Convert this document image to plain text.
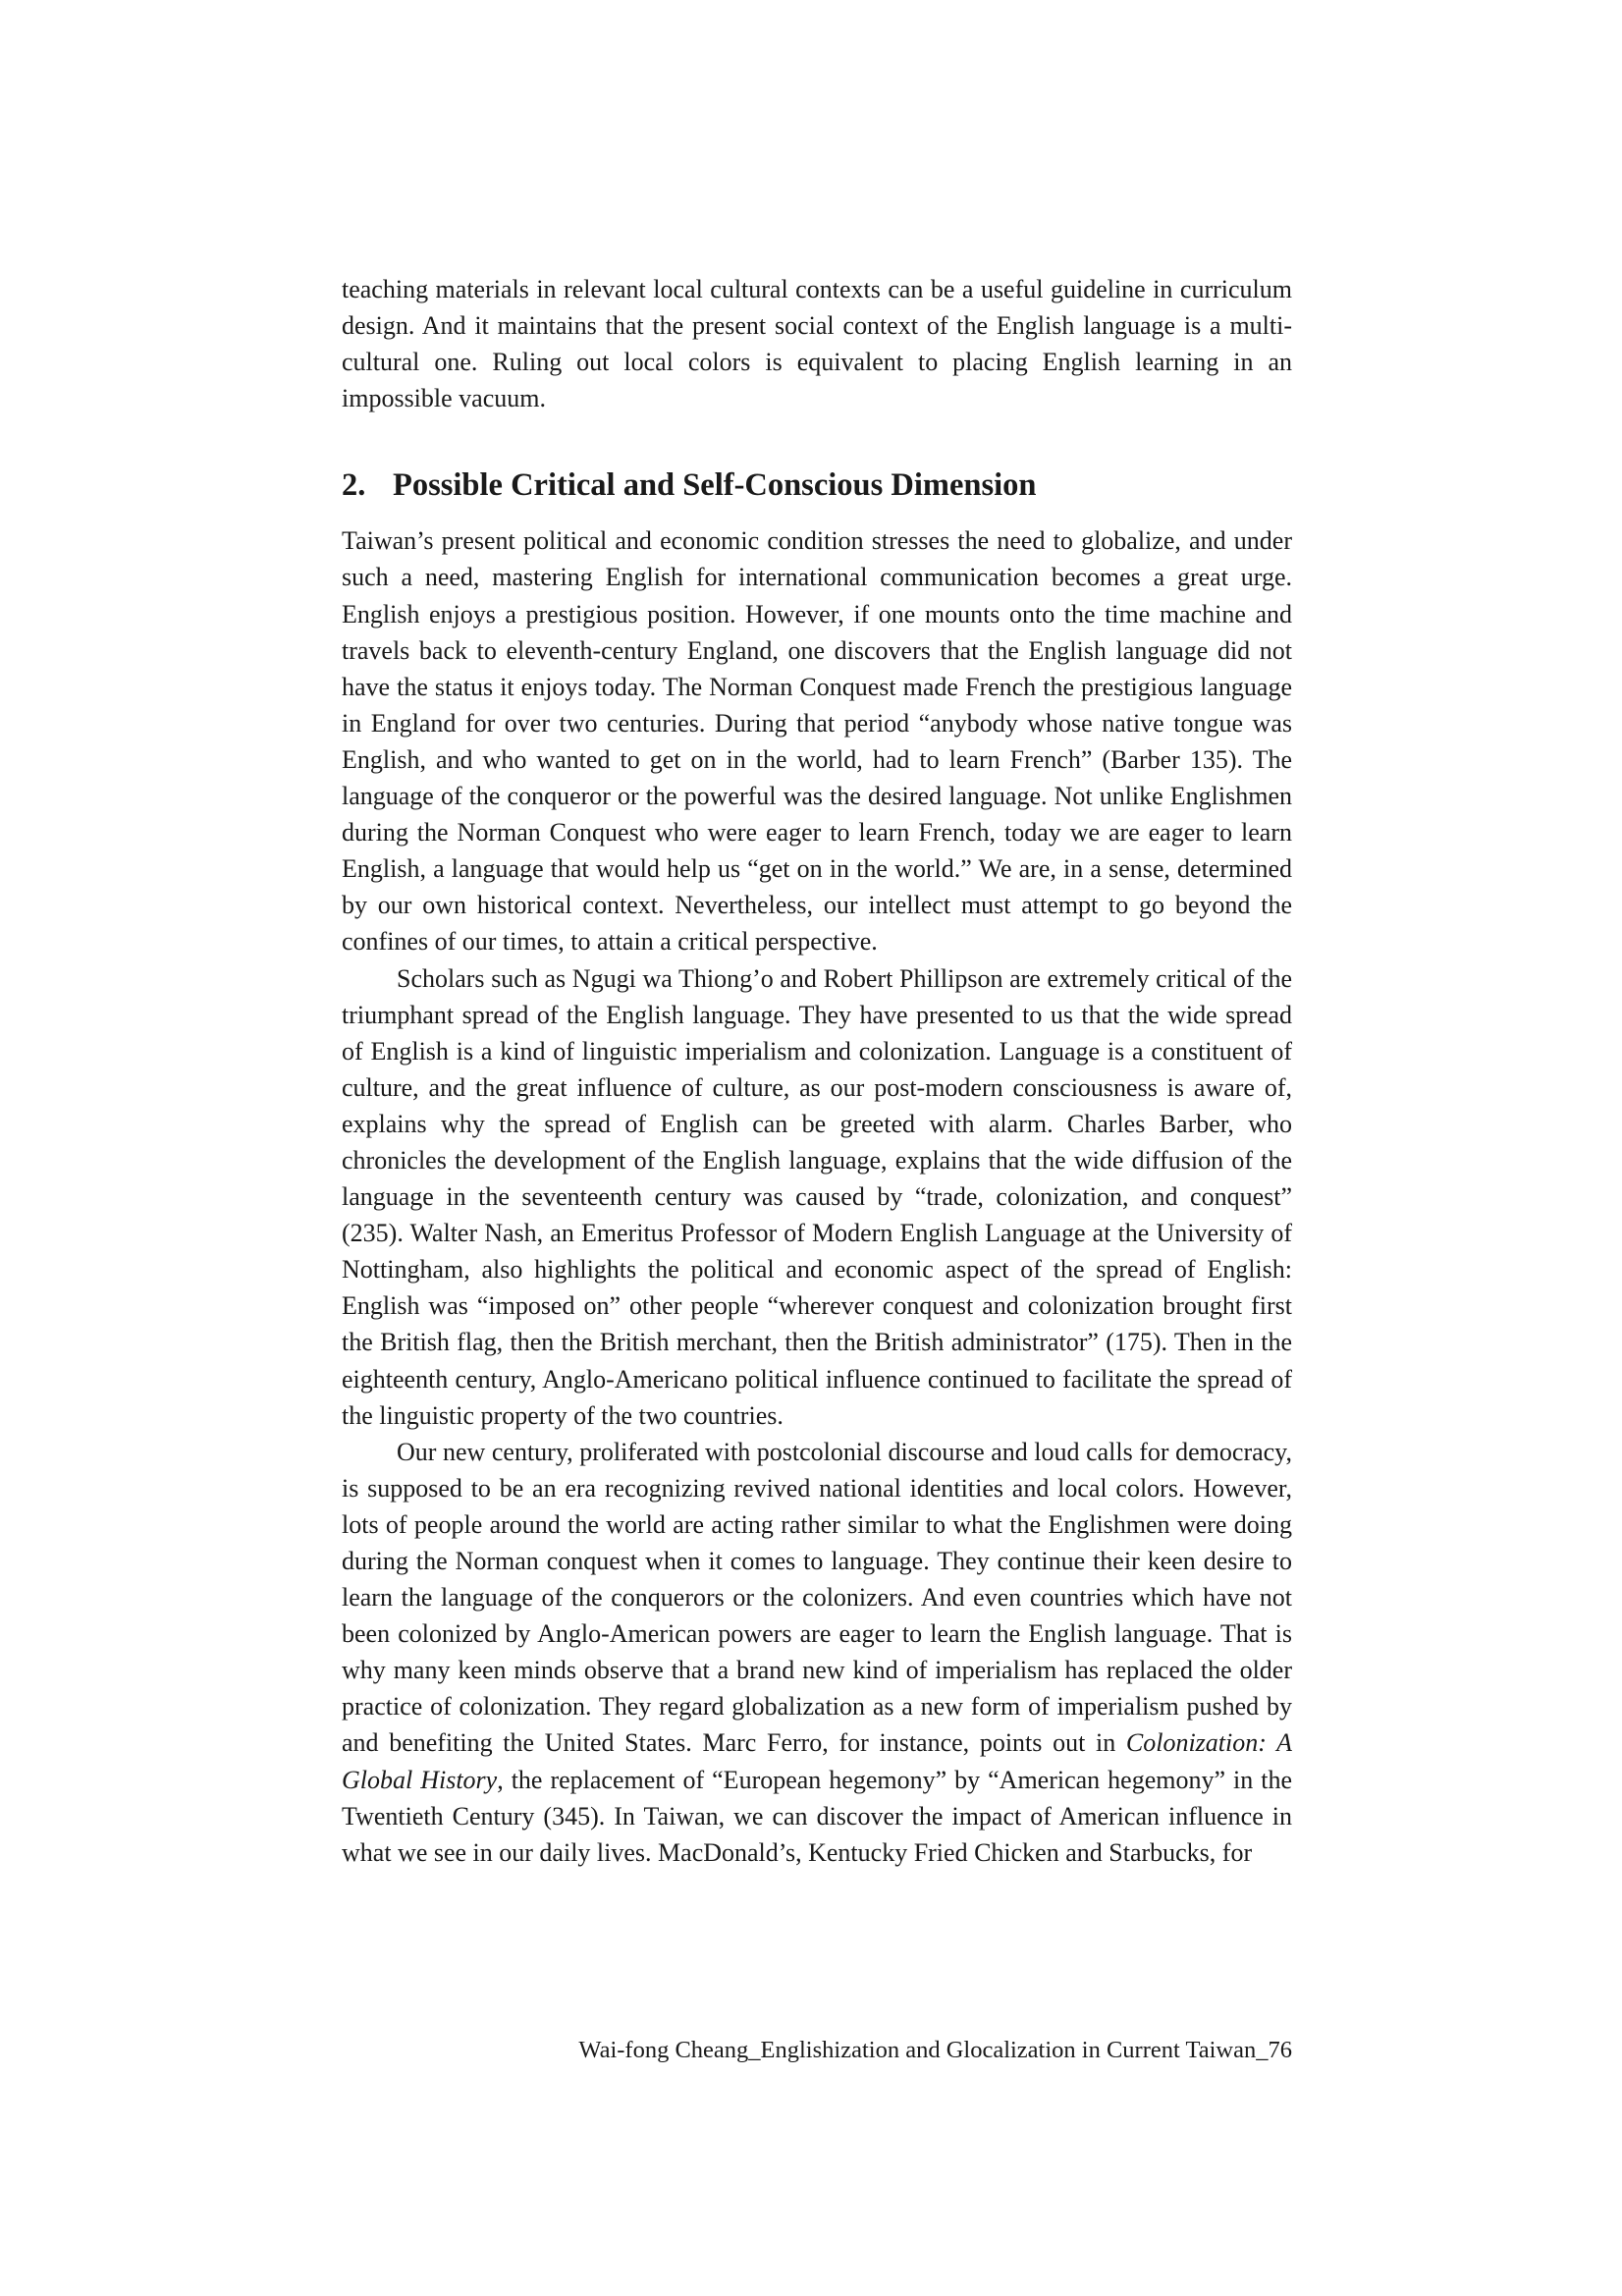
teaching materials in relevant local cultural contexts can be a useful guideline in curriculum design. And it maintains that the present social context of the English language is a multi-cultural one. Ruling out local colors is equivalent to placing English learning in an impossible vacuum.

2. Possible Critical and Self-Conscious Dimension

Taiwan’s present political and economic condition stresses the need to globalize, and under such a need, mastering English for international communication becomes a great urge. English enjoys a prestigious position. However, if one mounts onto the time machine and travels back to eleventh-century England, one discovers that the English language did not have the status it enjoys today. The Norman Conquest made French the prestigious language in England for over two centuries. During that period “anybody whose native tongue was English, and who wanted to get on in the world, had to learn French” (Barber 135). The language of the conqueror or the powerful was the desired language. Not unlike Englishmen during the Norman Conquest who were eager to learn French, today we are eager to learn English, a language that would help us “get on in the world.” We are, in a sense, determined by our own historical context. Nevertheless, our intellect must attempt to go beyond the confines of our times, to attain a critical perspective.

Scholars such as Ngugi wa Thiong’o and Robert Phillipson are extremely critical of the triumphant spread of the English language. They have presented to us that the wide spread of English is a kind of linguistic imperialism and colonization. Language is a constituent of culture, and the great influence of culture, as our post-modern consciousness is aware of, explains why the spread of English can be greeted with alarm. Charles Barber, who chronicles the development of the English language, explains that the wide diffusion of the language in the seventeenth century was caused by “trade, colonization, and conquest” (235). Walter Nash, an Emeritus Professor of Modern English Language at the University of Nottingham, also highlights the political and economic aspect of the spread of English: English was “imposed on” other people “wherever conquest and colonization brought first the British flag, then the British merchant, then the British administrator” (175). Then in the eighteenth century, Anglo-Americano political influence continued to facilitate the spread of the linguistic property of the two countries.

Our new century, proliferated with postcolonial discourse and loud calls for democracy, is supposed to be an era recognizing revived national identities and local colors. However, lots of people around the world are acting rather similar to what the Englishmen were doing during the Norman conquest when it comes to language. They continue their keen desire to learn the language of the conquerors or the colonizers. And even countries which have not been colonized by Anglo-American powers are eager to learn the English language. That is why many keen minds observe that a brand new kind of imperialism has replaced the older practice of colonization. They regard globalization as a new form of imperialism pushed by and benefiting the United States. Marc Ferro, for instance, points out in Colonization: A Global History, the replacement of “European hegemony” by “American hegemony” in the Twentieth Century (345). In Taiwan, we can discover the impact of American influence in what we see in our daily lives. MacDonald’s, Kentucky Fried Chicken and Starbucks, for

Wai-fong Cheang_Englishization and Glocalization in Current Taiwan_76
